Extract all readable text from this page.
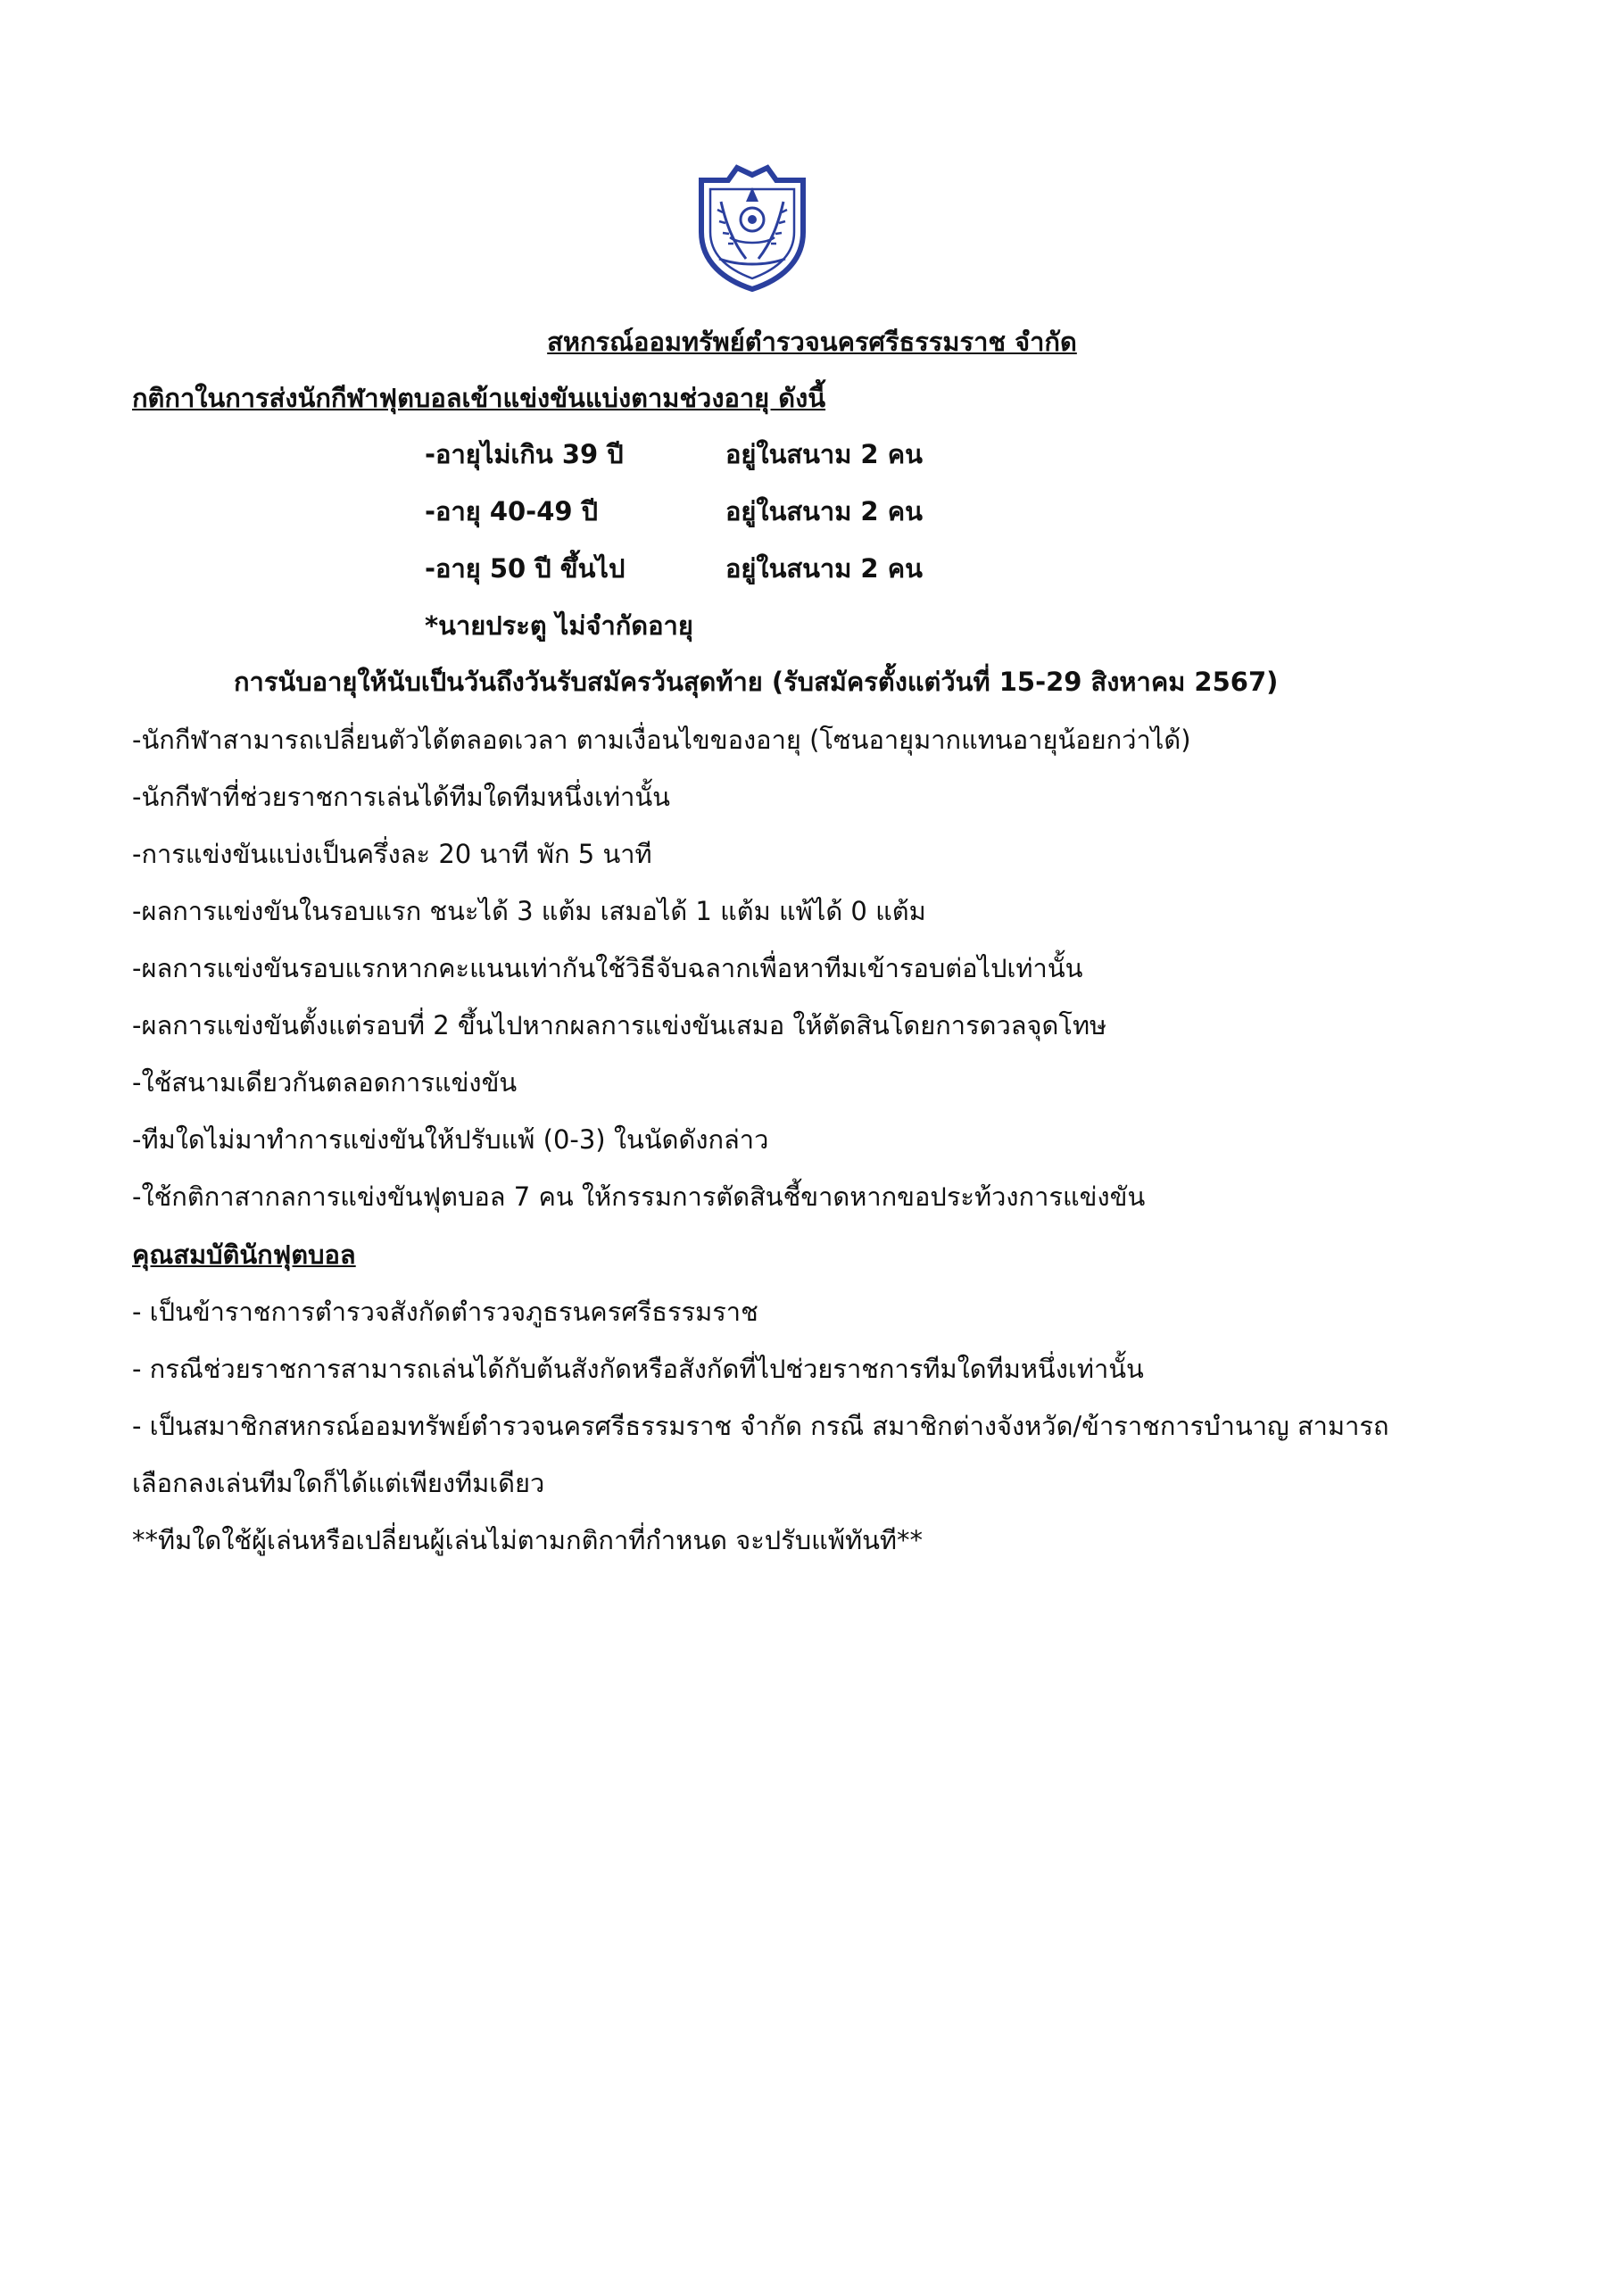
สหกรณ์ออมทรัพย์ตำรวจนครศรีธรรมราช จำกัด
กติกาในการส่งนักกีฬาฟุตบอลเข้าแข่งขันแบ่งตามช่วงอายุ ดังนี้
-อายุไม่เกิน 39 ปี	อยู่ในสนาม 2 คน
-อายุ 40-49 ปี	อยู่ในสนาม 2 คน
-อายุ 50 ปี ขึ้นไป	อยู่ในสนาม 2 คน
*นายประตู ไม่จำกัดอายุ
การนับอายุให้นับเป็นวันถึงวันรับสมัครวันสุดท้าย (รับสมัครตั้งแต่วันที่ 15-29 สิงหาคม 2567)
-นักกีฬาสามารถเปลี่ยนตัวได้ตลอดเวลา ตามเงื่อนไขของอายุ (โซนอายุมากแทนอายุน้อยกว่าได้)
-นักกีฬาที่ช่วยราชการเล่นได้ทีมใดทีมหนึ่งเท่านั้น
-การแข่งขันแบ่งเป็นครึ่งละ 20 นาที พัก 5 นาที
-ผลการแข่งขันในรอบแรก ชนะได้ 3 แต้ม เสมอได้ 1 แต้ม แพ้ได้ 0 แต้ม
-ผลการแข่งขันรอบแรกหากคะแนนเท่ากันใช้วิธีจับฉลากเพื่อหาทีมเข้ารอบต่อไปเท่านั้น
-ผลการแข่งขันตั้งแต่รอบที่ 2 ขึ้นไปหากผลการแข่งขันเสมอ ให้ตัดสินโดยการดวลจุดโทษ
-ใช้สนามเดียวกันตลอดการแข่งขัน
-ทีมใดไม่มาทำการแข่งขันให้ปรับแพ้ (0-3) ในนัดดังกล่าว
-ใช้กติกาสากลการแข่งขันฟุตบอล 7 คน ให้กรรมการตัดสินชี้ขาดหากขอประท้วงการแข่งขัน
คุณสมบัตินักฟุตบอล
- เป็นข้าราชการตำรวจสังกัดตำรวจภูธรนครศรีธรรมราช
- กรณีช่วยราชการสามารถเล่นได้กับต้นสังกัดหรือสังกัดที่ไปช่วยราชการทีมใดทีมหนึ่งเท่านั้น
- เป็นสมาชิกสหกรณ์ออมทรัพย์ตำรวจนครศรีธรรมราช จำกัด กรณี สมาชิกต่างจังหวัด/ข้าราชการบำนาญ สามารถ
เลือกลงเล่นทีมใดก็ได้แต่เพียงทีมเดียว
**ทีมใดใช้ผู้เล่นหรือเปลี่ยนผู้เล่นไม่ตามกติกาที่กำหนด จะปรับแพ้ทันที**
